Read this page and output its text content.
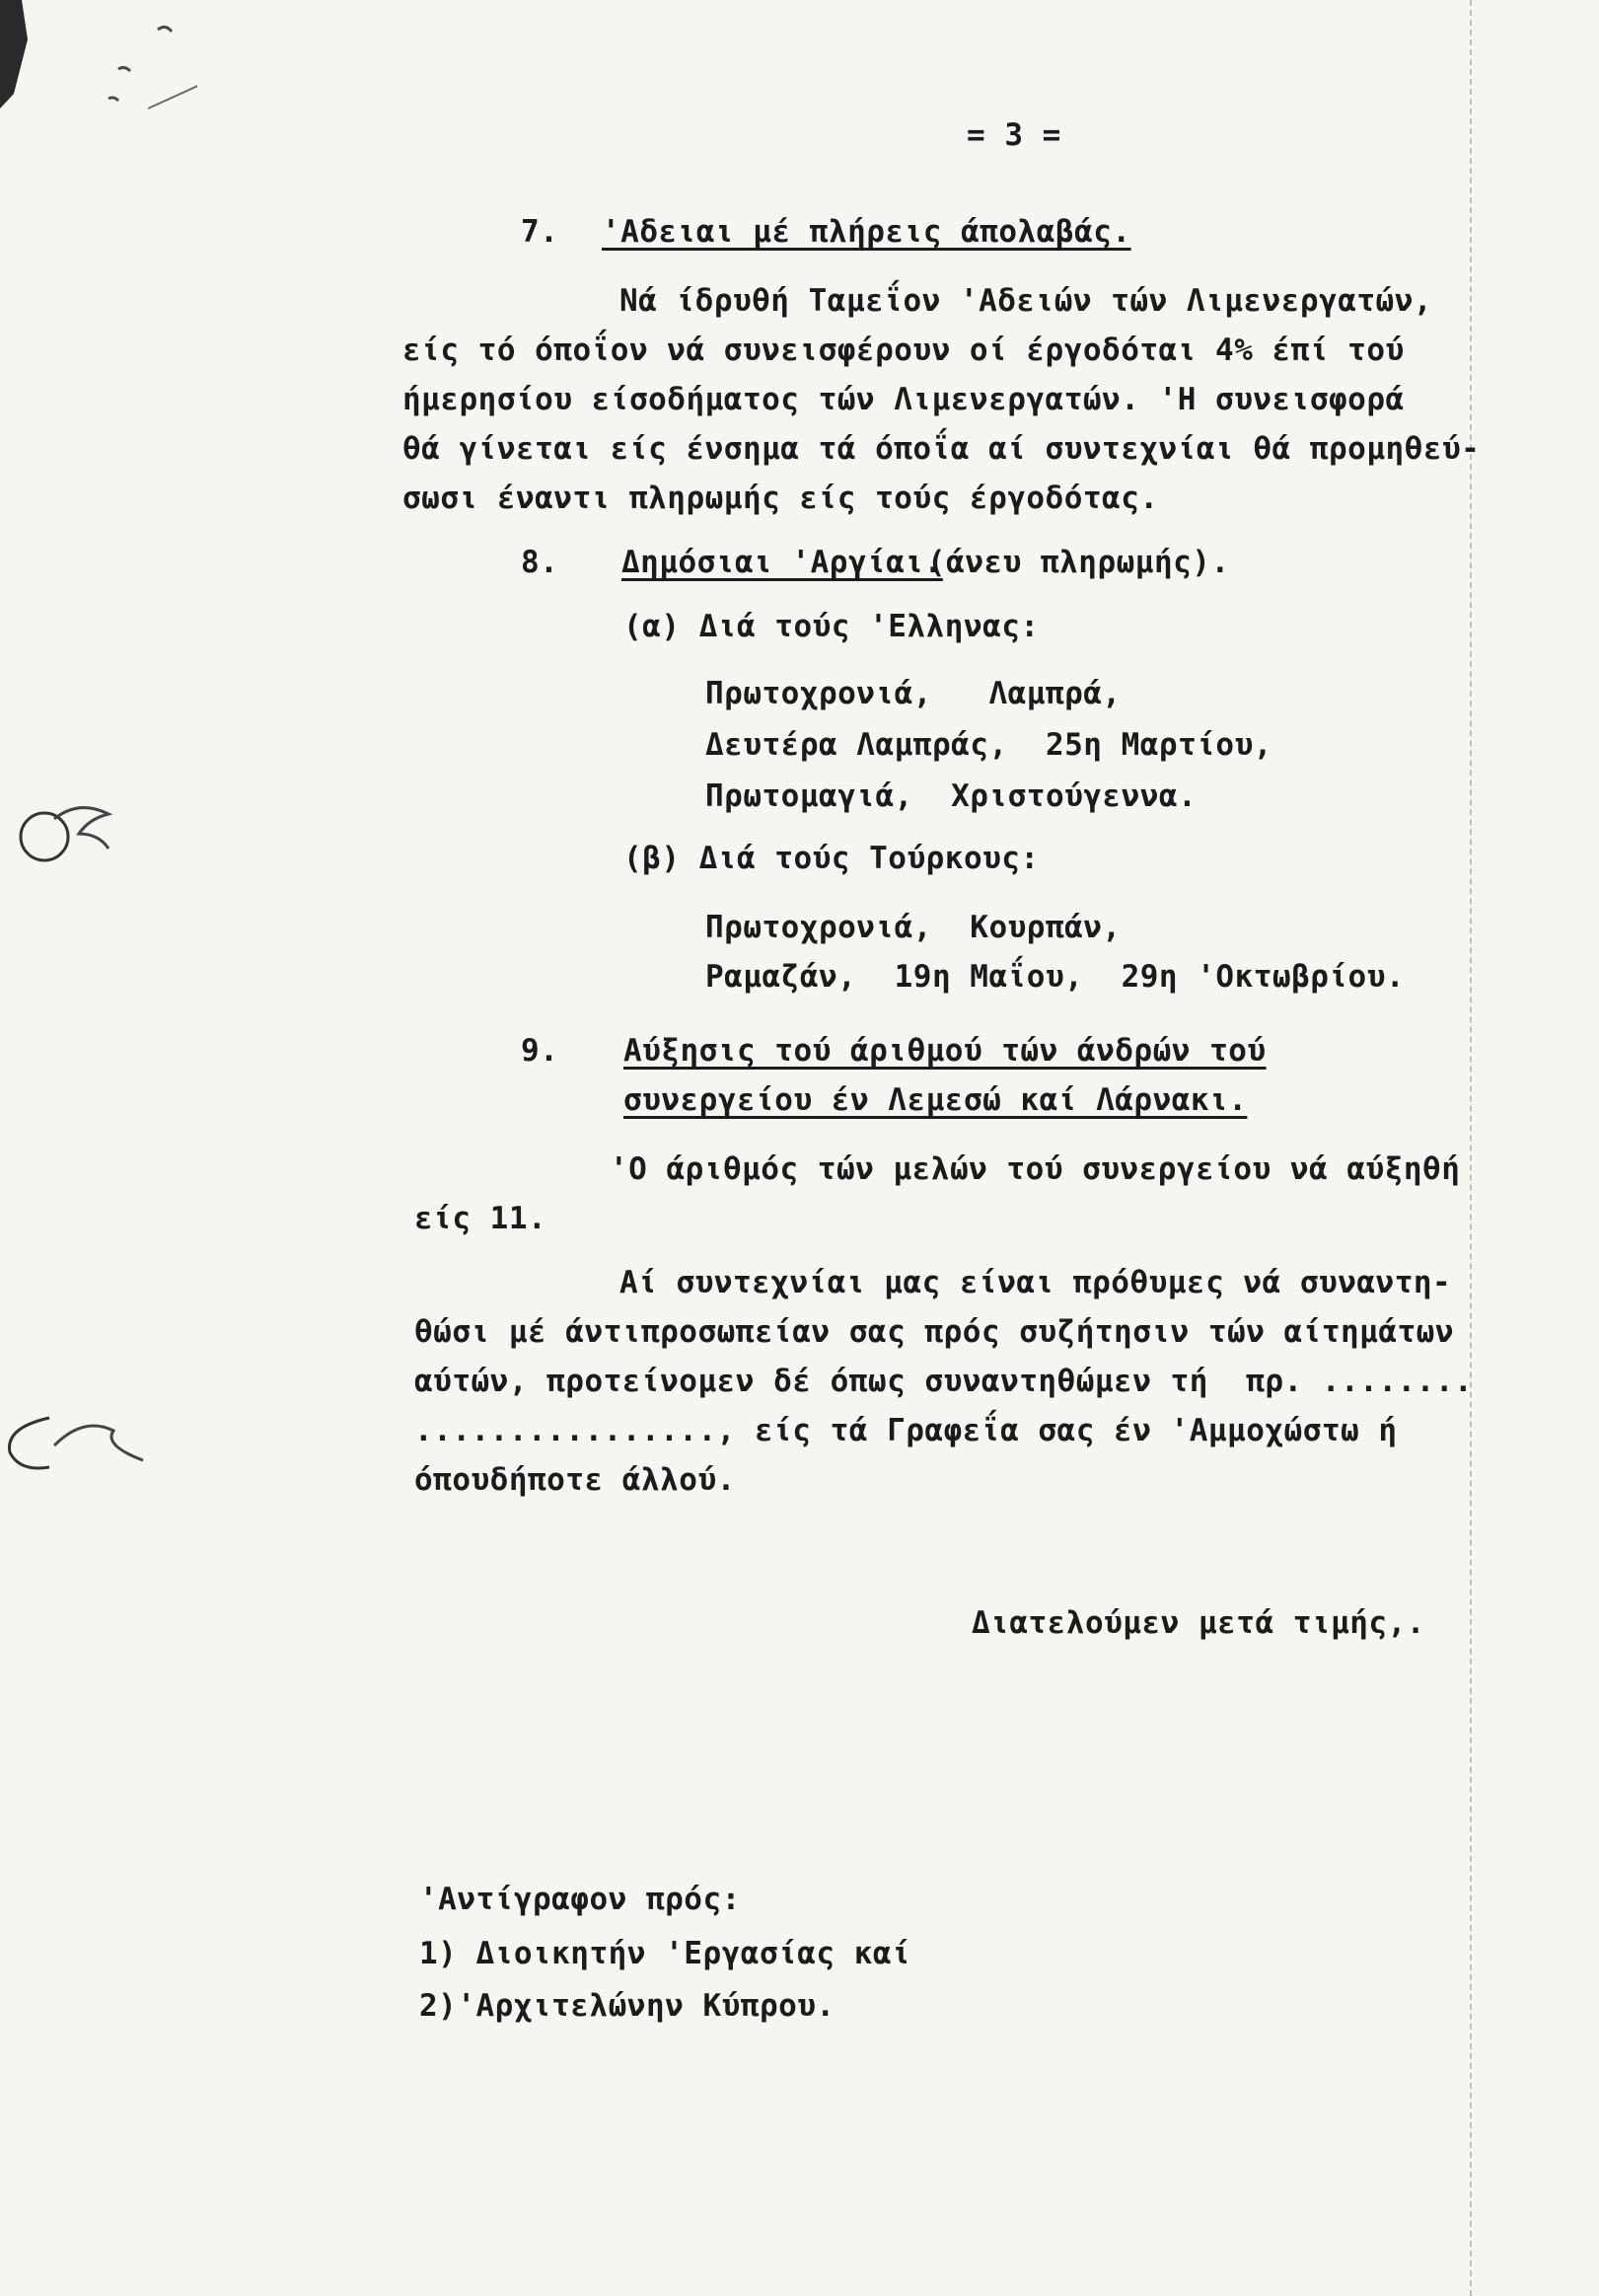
= 3 =
7. 'Αδειαι μέ πλήρεις άπολαβάς.
Νά ίδρυθή Ταμεΐον 'Αδειών τών Λιμενεργατών,
είς τό όποΐον νά συνεισφέρουν οί έργοδόται 4% έπί τού
ήμερησίου είσοδήματος τών Λιμενεργατών. 'Η συνεισφορά
θά γίνεται είς ένσημα τά όποΐα αί συντεχνίαι θά προμηθεύ-
σωσι έναντι πληρωμής είς τούς έργοδότας.
8. Δημόσιαι 'Αργίαι.
(άνευ πληρωμής).
(α) Διά τούς 'Ελληνας:
Πρωτοχρονιά,   Λαμπρά,
Δευτέρα Λαμπράς,  25η Μαρτίου,
Πρωτομαγιά,  Χριστούγεννα.
(β) Διά τούς Τούρκους:
Πρωτοχρονιά,  Κουρπάν,
Ραμαζάν,  19η Μαΐου,  29η 'Οκτωβρίου.
9. Αύξησις τού άριθμού τών άνδρών τού
συνεργείου έν Λεμεσώ καί Λάρνακι.
'Ο άριθμός τών μελών τού συνεργείου νά αύξηθή
είς 11.
Αί συντεχνίαι μας είναι πρόθυμες νά συναντη-
θώσι μέ άντιπροσωπείαν σας πρός συζήτησιν τών αίτημάτων
αύτών, προτείνομεν δέ όπως συναντηθώμεν τή  πρ. ........
................, είς τά Γραφεΐα σας έν 'Αμμοχώστω ή
όπουδήποτε άλλού.
Διατελούμεν μετά τιμής,.
'Αντίγραφον πρός:
1) Διοικητήν 'Εργασίας καί
2)'Αρχιτελώνην Κύπρου.
